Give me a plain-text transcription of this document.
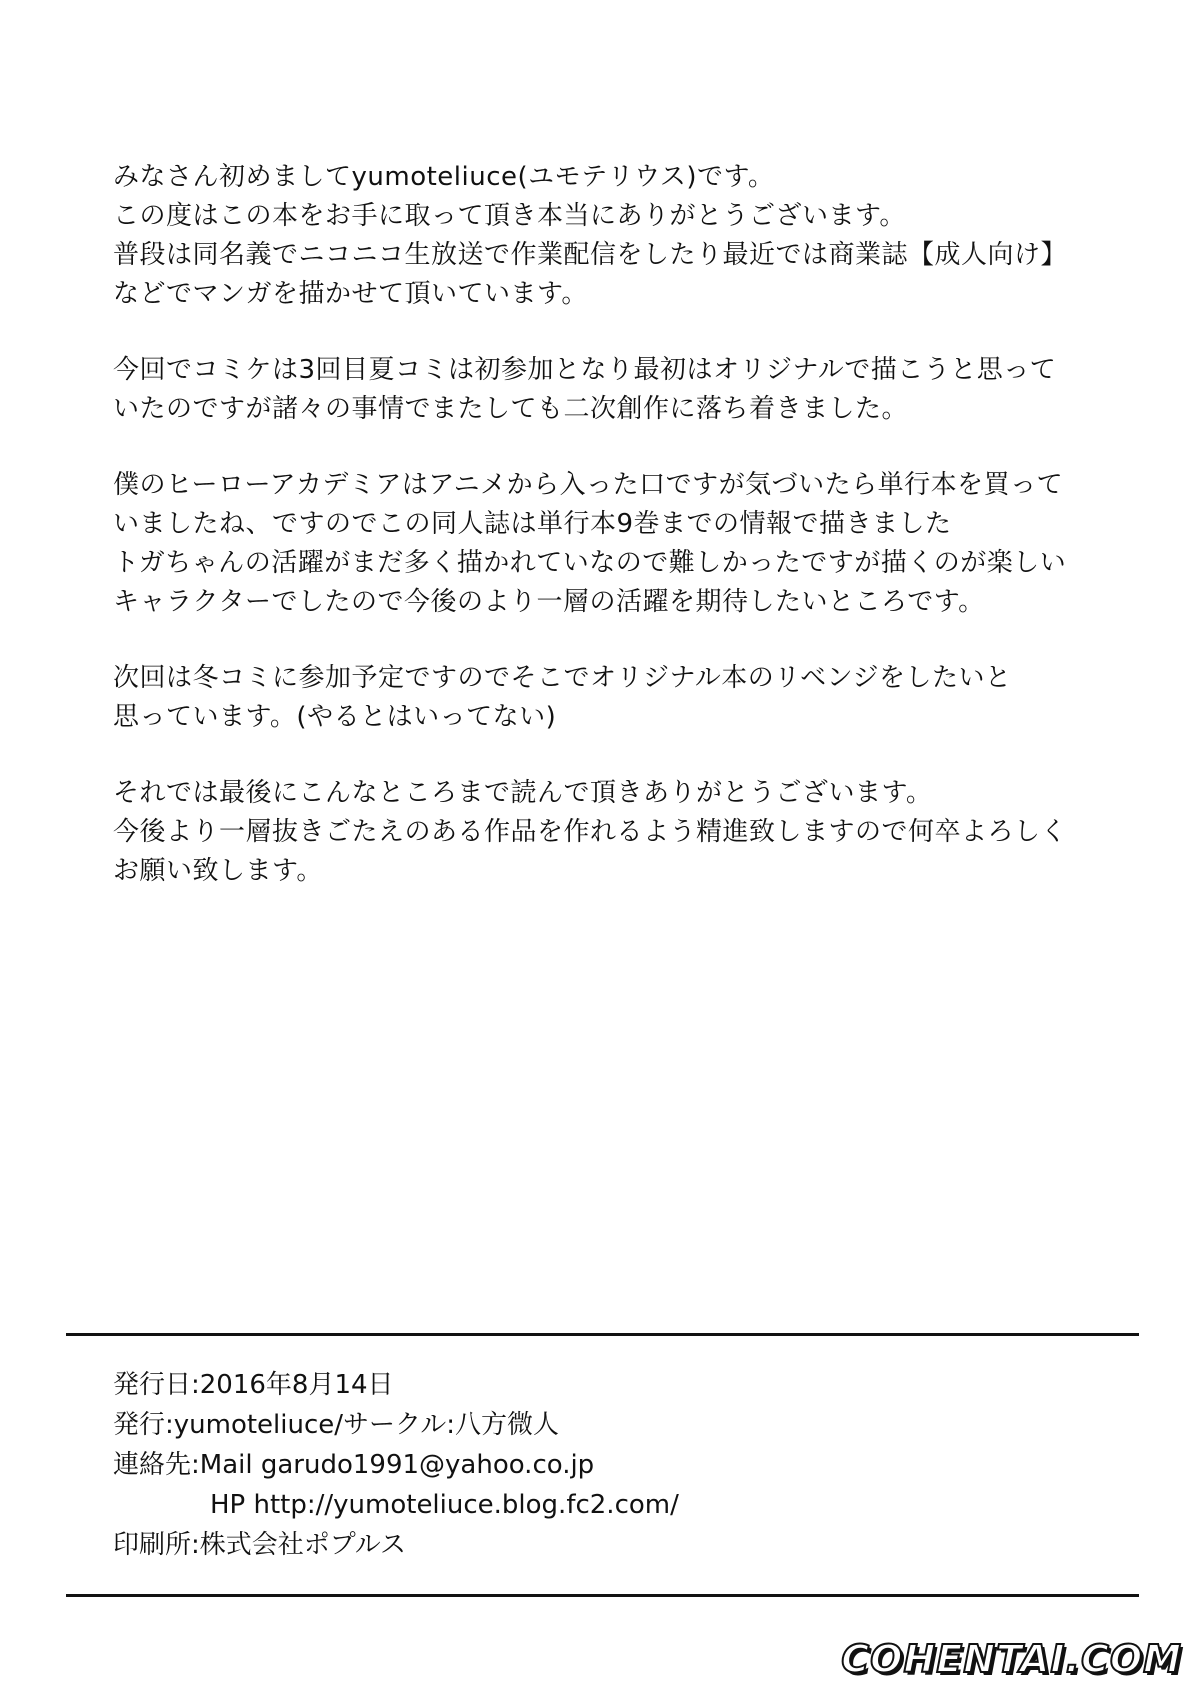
みなさん初めましてyumoteliuce(ユモテリウス)です。
この度はこの本をお手に取って頂き本当にありがとうございます。
普段は同名義でニコニコ生放送で作業配信をしたり最近では商業誌【成人向け】
などでマンガを描かせて頂いています。
今回でコミケは3回目夏コミは初参加となり最初はオリジナルで描こうと思って
いたのですが諸々の事情でまたしても二次創作に落ち着きました。
僕のヒーローアカデミアはアニメから入った口ですが気づいたら単行本を買って
いましたね、ですのでこの同人誌は単行本9巻までの情報で描きました
トガちゃんの活躍がまだ多く描かれていなので難しかったですが描くのが楽しい
キャラクターでしたので今後のより一層の活躍を期待したいところです。
次回は冬コミに参加予定ですのでそこでオリジナル本のリベンジをしたいと
思っています。(やるとはいってない)
それでは最後にこんなところまで読んで頂きありがとうございます。
今後より一層抜きごたえのある作品を作れるよう精進致しますので何卒よろしく
お願い致します。
発行日:2016年8月14日
発行:yumoteliuce/サークル:八方微人
連絡先:Mail garudo1991@yahoo.co.jp
HP http://yumoteliuce.blog.fc2.com/
印刷所:株式会社ポプルス
COHENTAI.COM
